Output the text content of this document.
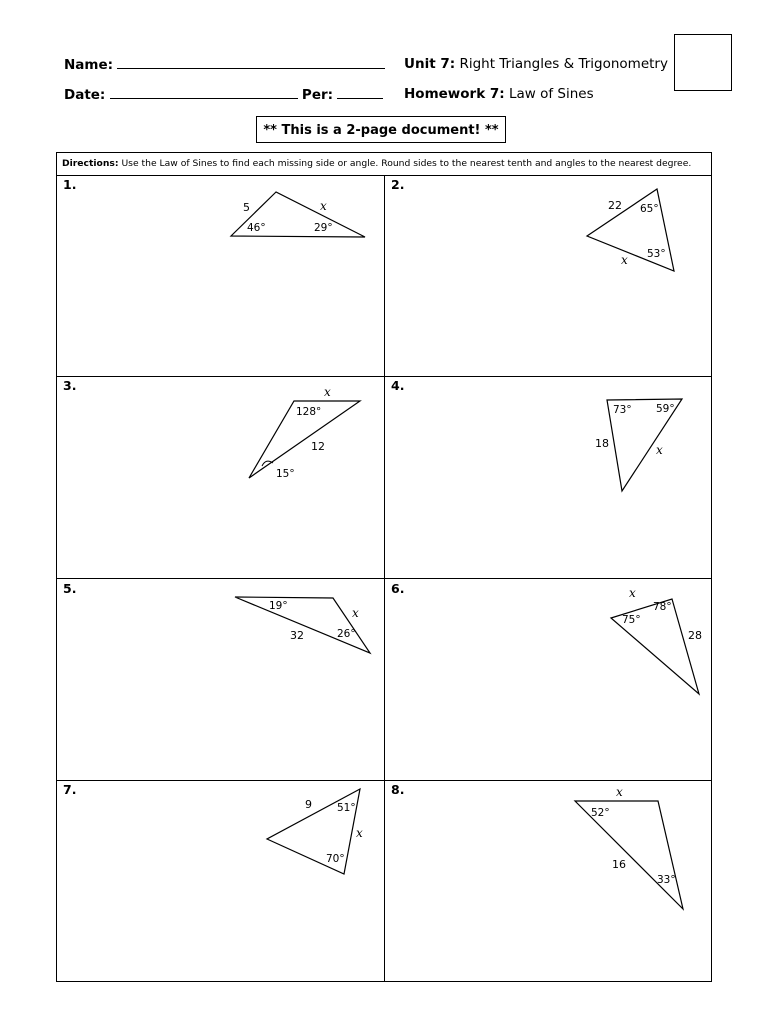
Name:
Date:	Per:
Unit 7: Right Triangles & Trigonometry
Homework 7: Law of Sines
** This is a 2-page document! **
Directions: Use the Law of Sines to find each missing side or angle. Round sides to the nearest tenth and angles to the nearest degree.
1.	2.
3.	4.
5.	6.
7.	8.
5	x
46°	29°
22 65°
53°
x
x
128°
12
15°
73° 59°
18	x
19°	x
32	26°
x
78°
75°
28
9 51°
x
70°
x
52°
16
33°
